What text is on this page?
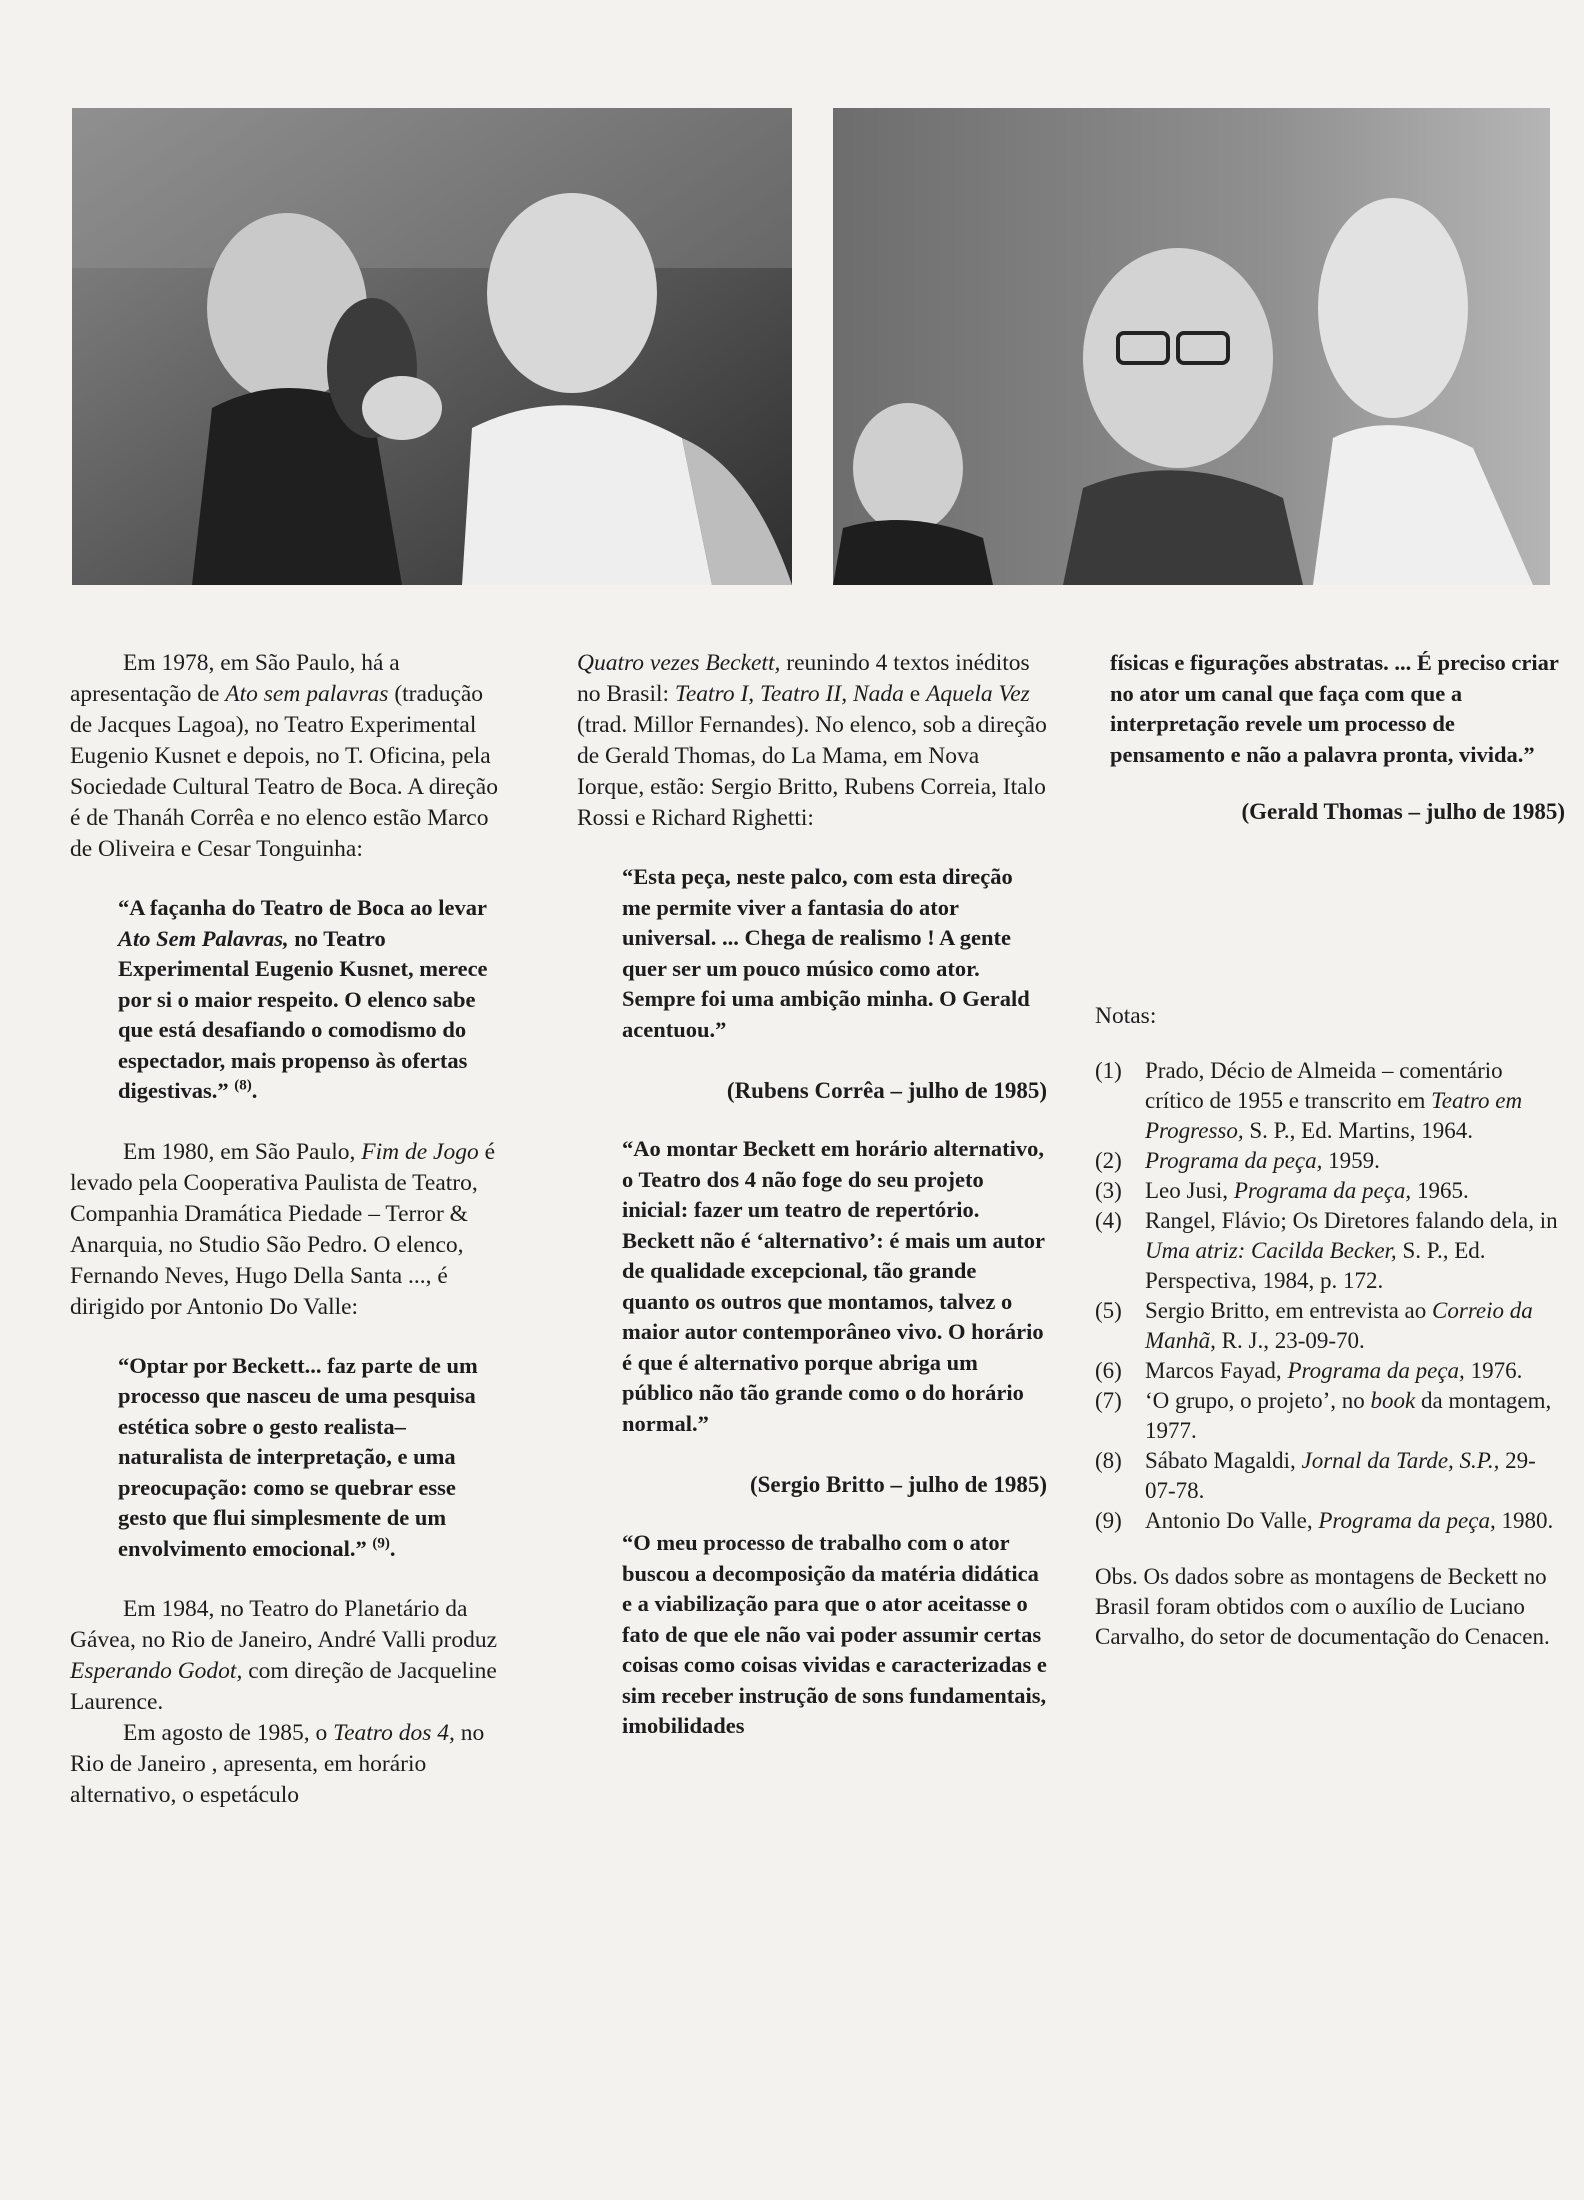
Em 1978, em São Paulo, há a apresentação de Ato sem palavras (tradução de Jacques Lagoa), no Teatro Experimental Eugenio Kusnet e depois, no T. Oficina, pela Sociedade Cultural Teatro de Boca. A direção é de Thanáh Corrêa e no elenco estão Marco de Oliveira e Cesar Tonguinha:

“A façanha do Teatro de Boca ao levar Ato Sem Palavras, no Teatro Experimental Eugenio Kusnet, merece por si o maior respeito. O elenco sabe que está desafiando o comodismo do espectador, mais propenso às ofertas digestivas.” $^{(8)}$.

Em 1980, em São Paulo, Fim de Jogo é levado pela Cooperativa Paulista de Teatro, Companhia Dramática Piedade – Terror & Anarquia, no Studio São Pedro. O elenco, Fernando Neves, Hugo Della Santa ..., é dirigido por Antonio Do Valle:

“Optar por Beckett... faz parte de um processo que nasceu de uma pesquisa estética sobre o gesto realista–naturalista de interpretação, e uma preocupação: como se quebrar esse gesto que flui simplesmente de um envolvimento emocional.” $^{(9)}$.

Em 1984, no Teatro do Planetário da Gávea, no Rio de Janeiro, André Valli produz Esperando Godot, com direção de Jacqueline Laurence.

Em agosto de 1985, o Teatro dos 4, no Rio de Janeiro , apresenta, em horário alternativo, o espetáculo

Quatro vezes Beckett, reunindo 4 textos inéditos no Brasil: Teatro I, Teatro II, Nada e Aquela Vez (trad. Millor Fernandes). No elenco, sob a direção de Gerald Thomas, do La Mama, em Nova Iorque, estão: Sergio Britto, Rubens Correia, Italo Rossi e Richard Righetti:

“Esta peça, neste palco, com esta direção me permite viver a fantasia do ator universal. ... Chega de realismo ! A gente quer ser um pouco músico como ator. Sempre foi uma ambição minha. O Gerald acentuou.”

(Rubens Corrêa – julho de 1985)

“Ao montar Beckett em horário alternativo, o Teatro dos 4 não foge do seu projeto inicial: fazer um teatro de repertório. Beckett não é ‘alternativo’: é mais um autor de qualidade excepcional, tão grande quanto os outros que montamos, talvez o maior autor contemporâneo vivo. O horário é que é alternativo porque abriga um público não tão grande como o do horário normal.”

(Sergio Britto – julho de 1985)

“O meu processo de trabalho com o ator buscou a decomposição da matéria didática e a viabilização para que o ator aceitasse o fato de que ele não vai poder assumir certas coisas como coisas vividas e caracterizadas e sim receber instrução de sons fundamentais, imobilidades

físicas e figurações abstratas. ... É preciso criar no ator um canal que faça com que a interpretação revele um processo de pensamento e não a palavra pronta, vivida.”

(Gerald Thomas – julho de 1985)

Notas:

(1) Prado, Décio de Almeida – comentário crítico de 1955 e transcrito em Teatro em Progresso, S. P., Ed. Martins, 1964.
(2) Programa da peça, 1959.
(3) Leo Jusi, Programa da peça, 1965.
(4) Rangel, Flávio; Os Diretores falando dela, in Uma atriz: Cacilda Becker, S. P., Ed. Perspectiva, 1984, p. 172.
(5) Sergio Britto, em entrevista ao Correio da Manhã, R. J., 23-09-70.
(6) Marcos Fayad, Programa da peça, 1976.
(7) ‘O grupo, o projeto’, no book da montagem, 1977.
(8) Sábato Magaldi, Jornal da Tarde, S.P., 29-07-78.
(9) Antonio Do Valle, Programa da peça, 1980.

Obs. Os dados sobre as montagens de Beckett no Brasil foram obtidos com o auxílio de Luciano Carvalho, do setor de documentação do Cenacen.
